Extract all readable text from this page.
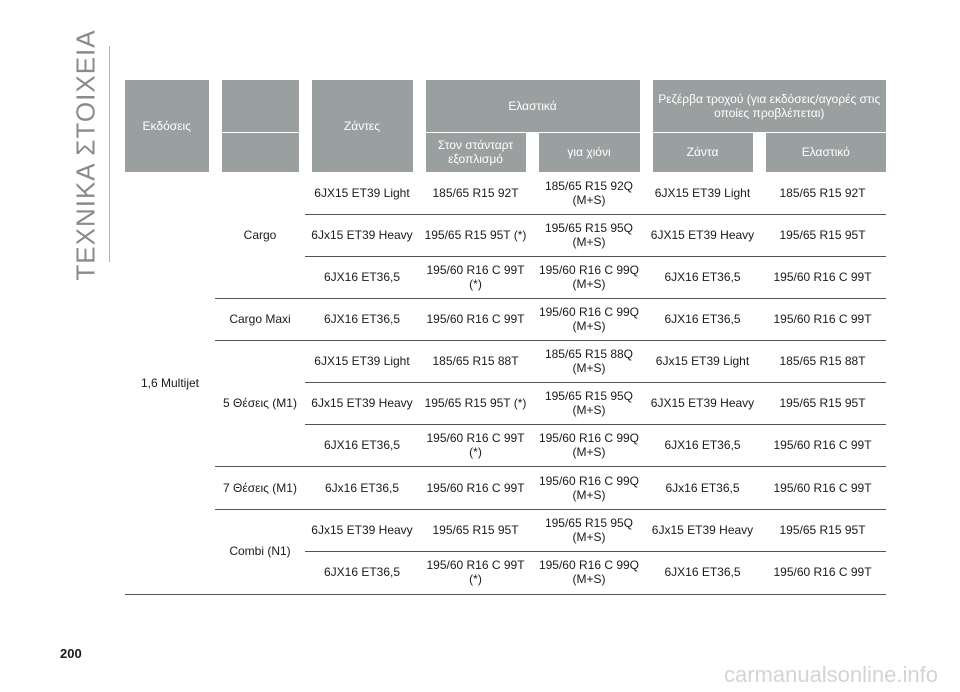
ΤΕΧΝΙΚΑ ΣΤΟΙΧΕΙΑ	Εκδόσεις		Ζάντες	Ελαστικά		Ρεζέρβα τροχού (για εκδόσεις/αγορές στις οποίες προβλέπεται)	
			Στον στάνταρτ εξοπλισμό	για χιόνι	Ζάντα	Ελαστικό
1,6 Multijet	Cargo	6JX15 ET39 Light	185/65 R15 92T	185/65 R15 92Q (M+S)	6JX15 ET39 Light	185/65 R15 92T
		6Jx15 ET39 Heavy	195/65 R15 95T (*)	195/65 R15 95Q (M+S)	6JX15 ET39 Heavy	195/65 R15 95T
		6JX16 ET36,5	195/60 R16 C 99T (*)	195/60 R16 C 99Q (M+S)	6JX16 ET36,5	195/60 R16 C 99T
	Cargo Maxi	6JX16 ET36,5	195/60 R16 C 99T	195/60 R16 C 99Q (M+S)	6JX16 ET36,5	195/60 R16 C 99T
	5 Θέσεις (M1)	6JX15 ET39 Light	185/65 R15 88T	185/65 R15 88Q (M+S)	6Jx15 ET39 Light	185/65 R15 88T
		6Jx15 ET39 Heavy	195/65 R15 95T (*)	195/65 R15 95Q (M+S)	6JX15 ET39 Heavy	195/65 R15 95T
		6JX16 ET36,5	195/60 R16 C 99T (*)	195/60 R16 C 99Q (M+S)	6JX16 ET36,5	195/60 R16 C 99T
	7 Θέσεις (M1)	6Jx16 ET36,5	195/60 R16 C 99T	195/60 R16 C 99Q (M+S)	6Jx16 ET36,5	195/60 R16 C 99T
	Combi (N1)	6Jx15 ET39 Heavy	195/65 R15 95T	195/65 R15 95Q (M+S)	6Jx15 ET39 Heavy	195/65 R15 95T
		6JX16 ET36,5	195/60 R16 C 99T (*)	195/60 R16 C 99Q (M+S)	6JX16 ET36,5	195/60 R16 C 99T
200
carmanualsonline.info
